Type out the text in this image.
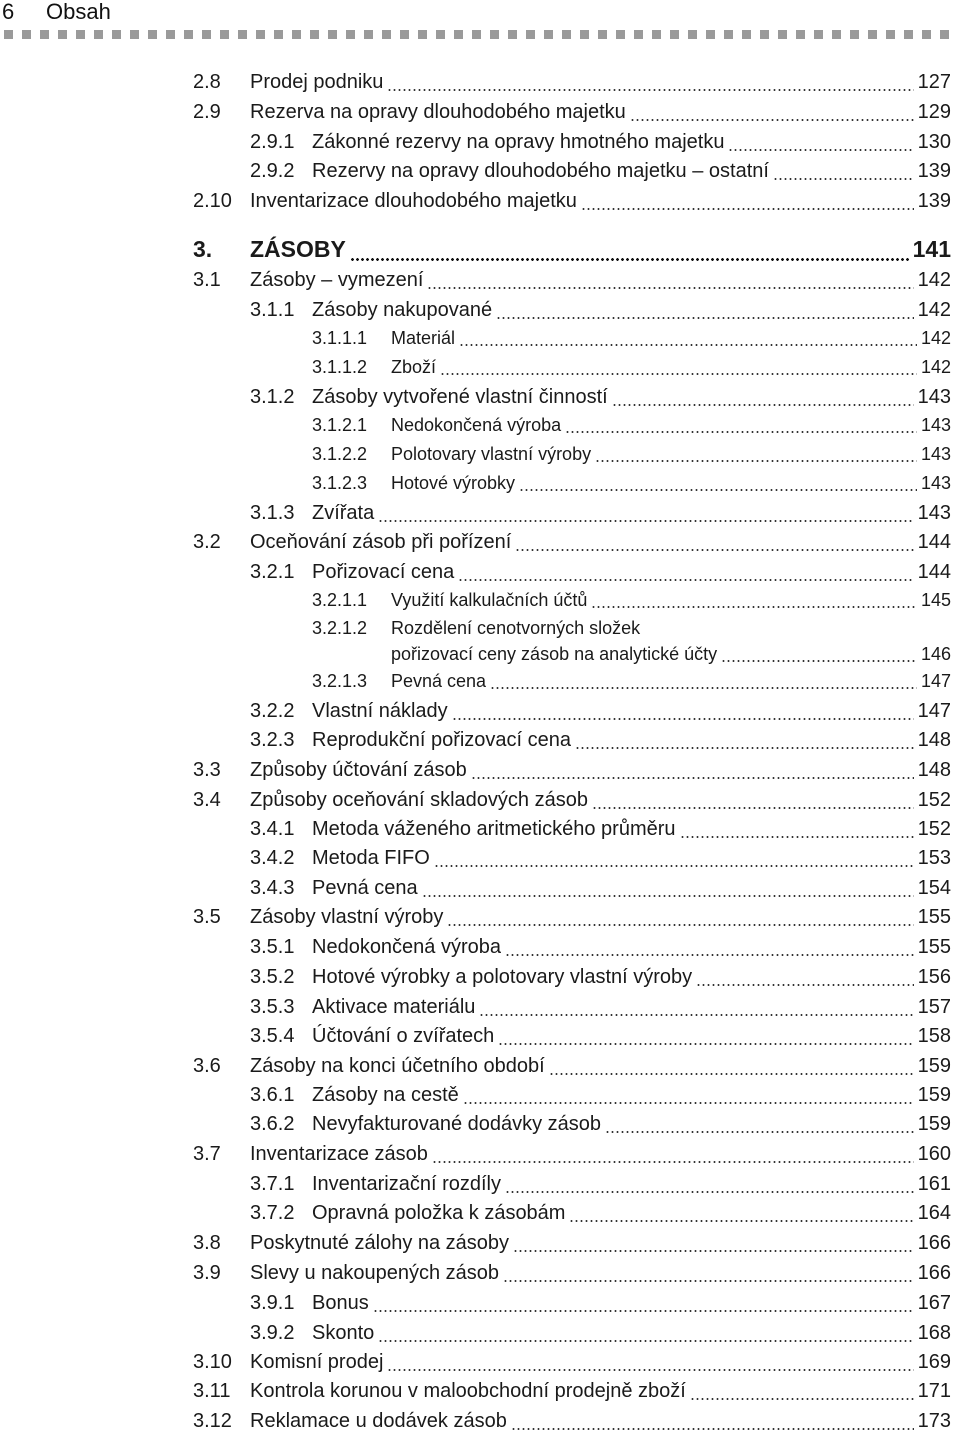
6 Obsah
2.8 Prodej podniku	127
2.9 Rezerva na opravy dlouhodobého majetku	129
2.9.1 Zákonné rezervy na opravy hmotného majetku	130
2.9.2 Rezervy na opravy dlouhodobého majetku – ostatní	139
2.10 Inventarizace dlouhodobého majetku	139
3. ZÁSOBY	141
3.1 Zásoby – vymezení	142
3.1.1 Zásoby nakupované	142
3.1.1.1 Materiál	142
3.1.1.2 Zboží	142
3.1.2 Zásoby vytvořené vlastní činností	143
3.1.2.1 Nedokončená výroba	143
3.1.2.2 Polotovary vlastní výroby	143
3.1.2.3 Hotové výrobky	143
3.1.3 Zvířata	143
3.2 Oceňování zásob při pořízení	144
3.2.1 Pořizovací cena	144
3.2.1.1 Využití kalkulačních účtů	145
3.2.1.2 Rozdělení cenotvorných složek
pořizovací ceny zásob na analytické účty	146
3.2.1.3 Pevná cena	147
3.2.2 Vlastní náklady	147
3.2.3 Reprodukční pořizovací cena	148
3.3 Způsoby účtování zásob	148
3.4 Způsoby oceňování skladových zásob	152
3.4.1 Metoda váženého aritmetického průměru	152
3.4.2 Metoda FIFO	153
3.4.3 Pevná cena	154
3.5 Zásoby vlastní výroby	155
3.5.1 Nedokončená výroba	155
3.5.2 Hotové výrobky a polotovary vlastní výroby	156
3.5.3 Aktivace materiálu	157
3.5.4 Účtování o zvířatech	158
3.6 Zásoby na konci účetního období	159
3.6.1 Zásoby na cestě	159
3.6.2 Nevyfakturované dodávky zásob	159
3.7 Inventarizace zásob	160
3.7.1 Inventarizační rozdíly	161
3.7.2 Opravná položka k zásobám	164
3.8 Poskytnuté zálohy na zásoby	166
3.9 Slevy u nakoupených zásob	166
3.9.1 Bonus	167
3.9.2 Skonto	168
3.10 Komisní prodej	169
3.11 Kontrola korunou v maloobchodní prodejně zboží	171
3.12 Reklamace u dodávek zásob	173
